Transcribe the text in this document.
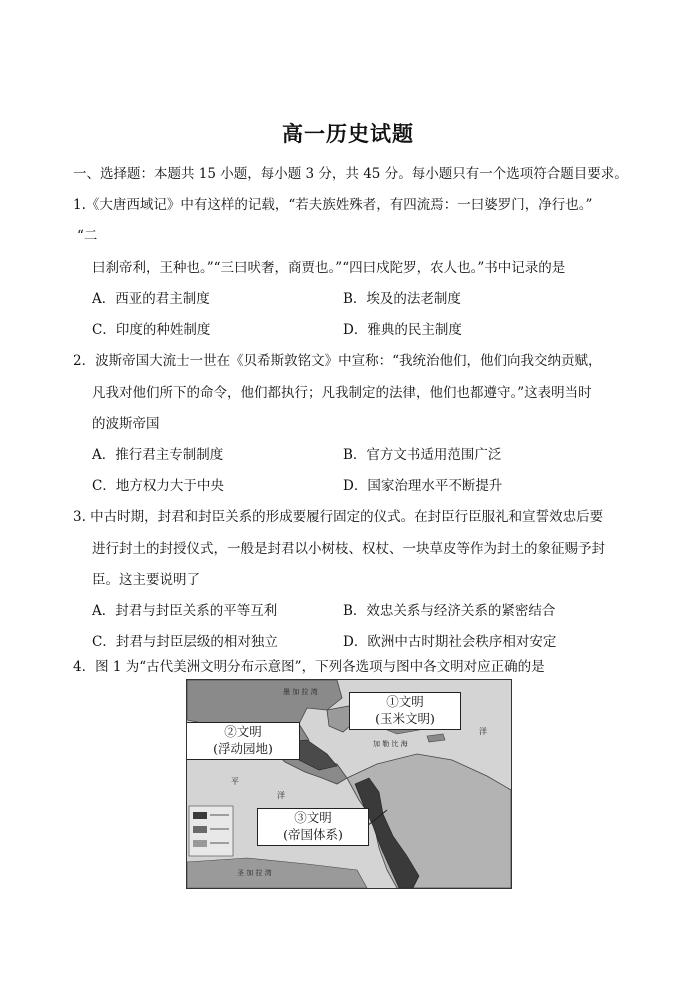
高一历史试题
一、选择题：本题共 15 小题，每小题 3 分，共 45 分。每小题只有一个选项符合题目要求。
1.《大唐西域记》中有这样的记载，“若夫族姓殊者，有四流焉：一曰婆罗门，净行也。”
“二
曰刹帝利，王种也。”“三曰吠奢，商贾也。”“四曰戍陀罗，农人也。”书中记录的是
A．西亚的君主制度	B．埃及的法老制度
C．印度的种姓制度	D．雅典的民主制度
2．波斯帝国大流士一世在《贝希斯敦铭文》中宣称：“我统治他们，他们向我交纳贡赋，
凡我对他们所下的命令，他们都执行；凡我制定的法律，他们也都遵守。”这表明当时
的波斯帝国
A．推行君主专制制度	B．官方文书适用范围广泛
C．地方权力大于中央	D．国家治理水平不断提升
3. 中古时期，封君和封臣关系的形成要履行固定的仪式。在封臣行臣服礼和宣誓效忠后要
进行封土的封授仪式，一般是封君以小树枝、权杖、一块草皮等作为封土的象征赐予封
臣。这主要说明了
A．封君与封臣关系的平等互利	B．效忠关系与经济关系的紧密结合
C．封君与封臣层级的相对独立	D．欧洲中古时期社会秩序相对安定
4．图 1 为“古代美洲文明分布示意图”，下列各选项与图中各文明对应正确的是
墨 加 拉 湾
加 勒 比 海
洋
平
洋
圣 加 拉 湾
①文明
(玉米文明)
②文明
(浮动园地)
③文明
(帝国体系)
